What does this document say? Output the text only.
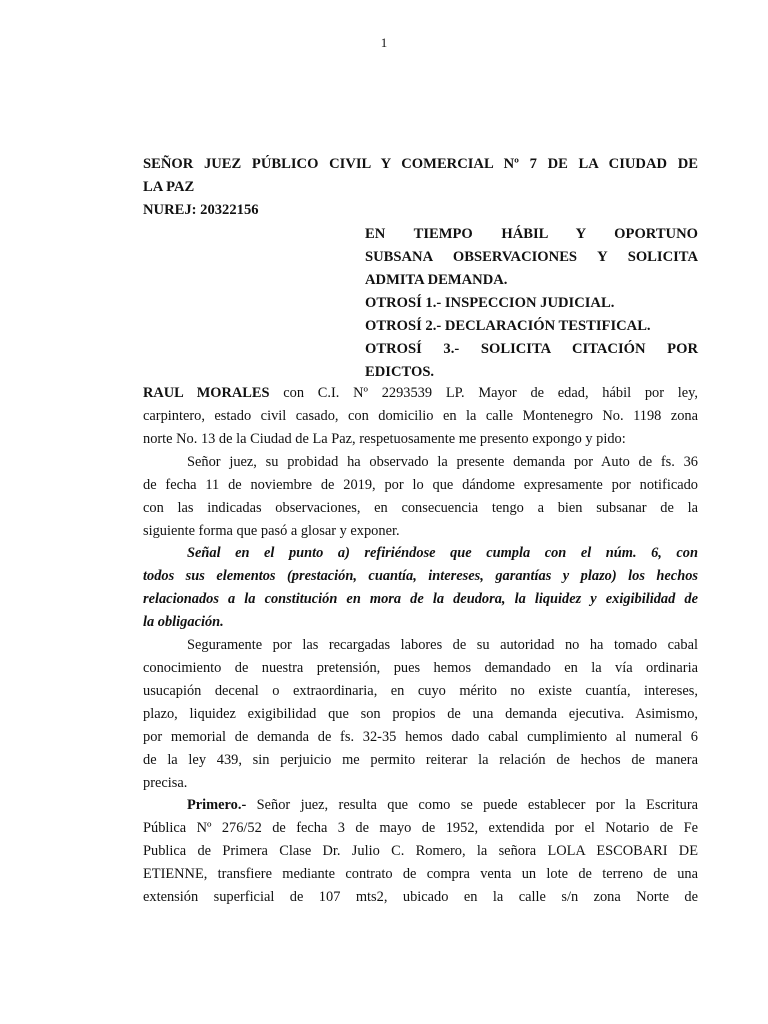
1
SEÑOR JUEZ PÚBLICO CIVIL Y COMERCIAL Nº 7 DE LA CIUDAD DE
LA PAZ
NUREJ: 20322156
EN TIEMPO HÁBIL Y OPORTUNO
SUBSANA OBSERVACIONES Y SOLICITA
ADMITA DEMANDA.
OTROSÍ 1.- INSPECCION JUDICIAL.
OTROSÍ 2.- DECLARACIÓN TESTIFICAL.
OTROSÍ 3.- SOLICITA CITACIÓN POR
EDICTOS.
RAUL MORALES con C.I. Nº 2293539 LP. Mayor de edad, hábil por ley,
carpintero, estado civil casado, con domicilio en la calle Montenegro No. 1198 zona
norte No. 13 de la Ciudad de La Paz, respetuosamente me presento expongo y pido:
Señor juez, su probidad ha observado la presente demanda por Auto de fs. 36
de fecha 11 de noviembre de 2019, por lo que dándome expresamente por notificado
con las indicadas observaciones, en consecuencia tengo a bien subsanar de la
siguiente forma que pasó a glosar y exponer.
Señal en el punto a) refiriéndose que cumpla con el núm. 6, con
todos sus elementos (prestación, cuantía, intereses, garantías y plazo) los hechos
relacionados a la constitución en mora de la deudora, la liquidez y exigibilidad de
la obligación.
Seguramente por las recargadas labores de su autoridad no ha tomado cabal
conocimiento de nuestra pretensión, pues hemos demandado en la vía ordinaria
usucapión decenal o extraordinaria, en cuyo mérito no existe cuantía, intereses,
plazo, liquidez exigibilidad que son propios de una demanda ejecutiva. Asimismo,
por memorial de demanda de fs. 32-35 hemos dado cabal cumplimiento al numeral 6
de la ley 439, sin perjuicio me permito reiterar la relación de hechos de manera
precisa.
Primero.- Señor juez, resulta que como se puede establecer por la Escritura
Pública Nº 276/52 de fecha 3 de mayo de 1952, extendida por el Notario de Fe
Publica de Primera Clase Dr. Julio C. Romero, la señora LOLA ESCOBARI DE
ETIENNE, transfiere mediante contrato de compra venta un lote de terreno de una
extensión superficial de 107 mts2, ubicado en la calle s/n zona Norte de
